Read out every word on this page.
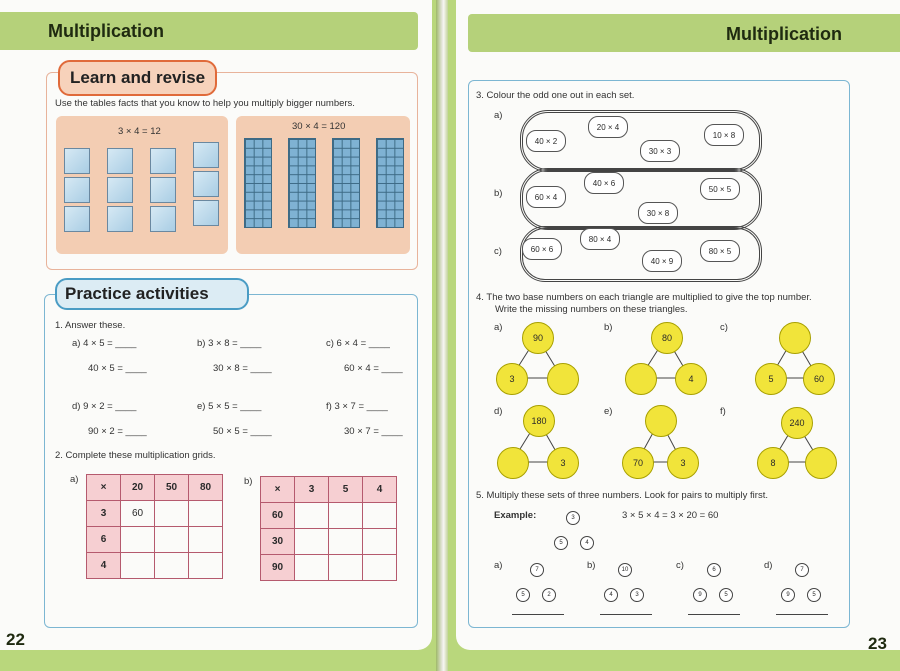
Multiplication
Learn and revise
Use the tables facts that you know to help you multiply bigger numbers.
3 × 4 = 12	30 × 4 = 120
Practice activities
1. Answer these.
a) 4 × 5 = ____	b) 3 × 8 = ____	c) 6 × 4 = ____
40 × 5 = ____	30 × 8 = ____	60 × 4 = ____
d) 9 × 2 = ____	e) 5 × 5 = ____	f) 3 × 7 = ____
90 × 2 = ____	50 × 5 = ____	30 × 7 = ____
2. Complete these multiplication grids.
a)	b)
×	20	50	80
3	60		
6			
4			
×	3	5	4
60			
30			
90			
22
Multiplication
3. Colour the odd one out in each set.
a)
b)
c)
40 × 2
20 × 4
30 × 3
10 × 8
60 × 4
40 × 6
30 × 8
50 × 5
60 × 6
80 × 4
40 × 9
80 × 5
4. The two base numbers on each triangle are multiplied to give the top number.
Write the missing numbers on these triangles.
a)	b)	c)
d)	e)	f)
90
3
80
4	5	60
180
3	70	3
240
8
5. Multiply these sets of three numbers. Look for pairs to multiply first.
Example:	3
5	4
3 × 5 × 4 = 3 × 20 = 60
a)	7
5	2
b)	10
4	3
c)	6
9	5
d)	7
9	5
23
